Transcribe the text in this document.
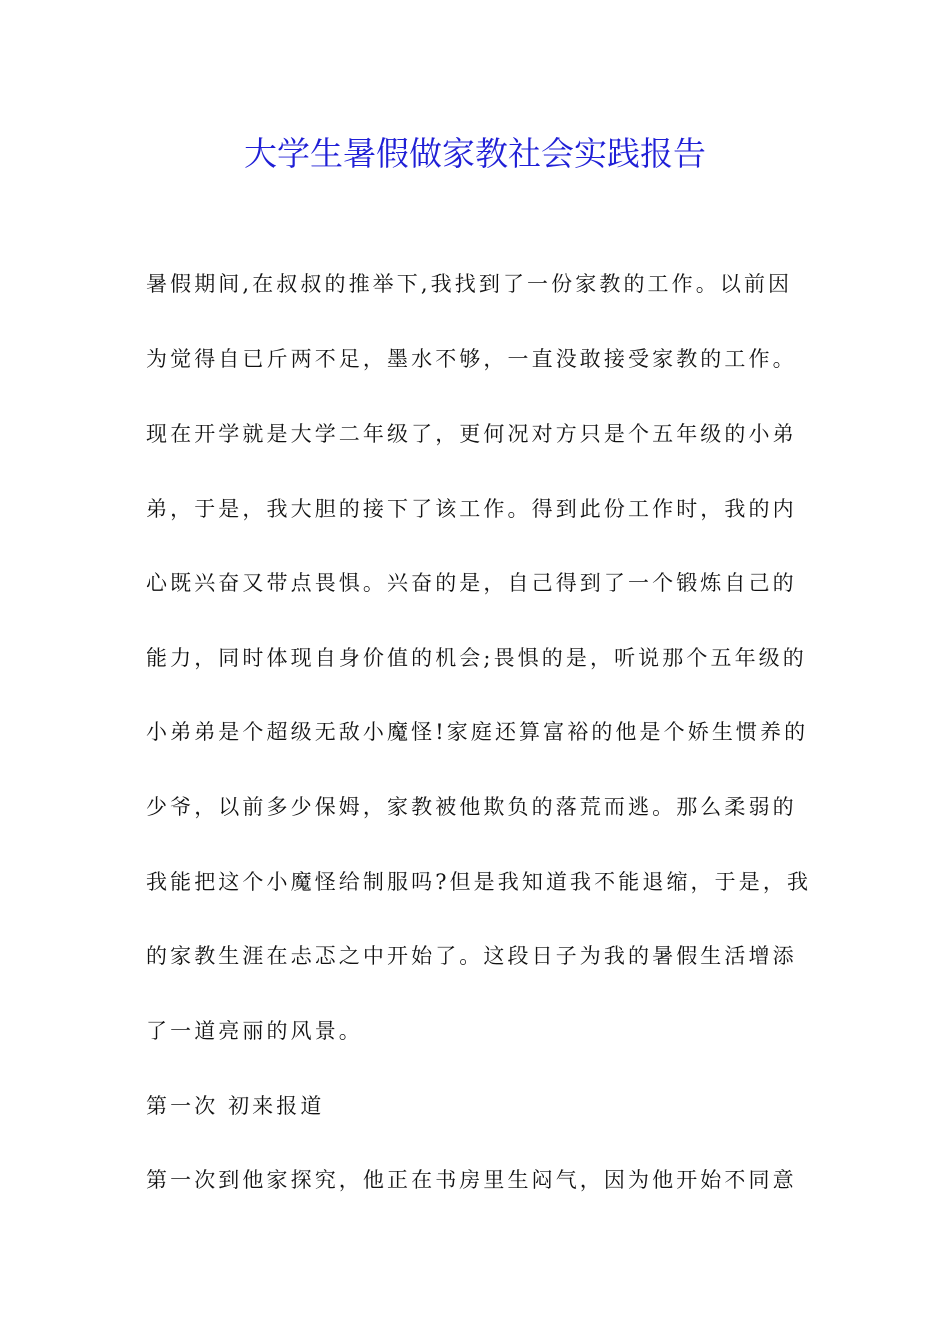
大学生暑假做家教社会实践报告
暑假期间,在叔叔的推举下,我找到了一份家教的工作。以前因
为觉得自已斤两不足，墨水不够，一直没敢接受家教的工作。
现在开学就是大学二年级了，更何况对方只是个五年级的小弟
弟，于是，我大胆的接下了该工作。得到此份工作时，我的内
心既兴奋又带点畏惧。兴奋的是，自己得到了一个锻炼自己的
能力，同时体现自身价值的机会;畏惧的是，听说那个五年级的
小弟弟是个超级无敌小魔怪!家庭还算富裕的他是个娇生惯养的
少爷，以前多少保姆，家教被他欺负的落荒而逃。那么柔弱的
我能把这个小魔怪给制服吗?但是我知道我不能退缩，于是，我
的家教生涯在忐忑之中开始了。这段日子为我的暑假生活增添
了一道亮丽的风景。
第一次 初来报道
第一次到他家探究，他正在书房里生闷气，因为他开始不同意
